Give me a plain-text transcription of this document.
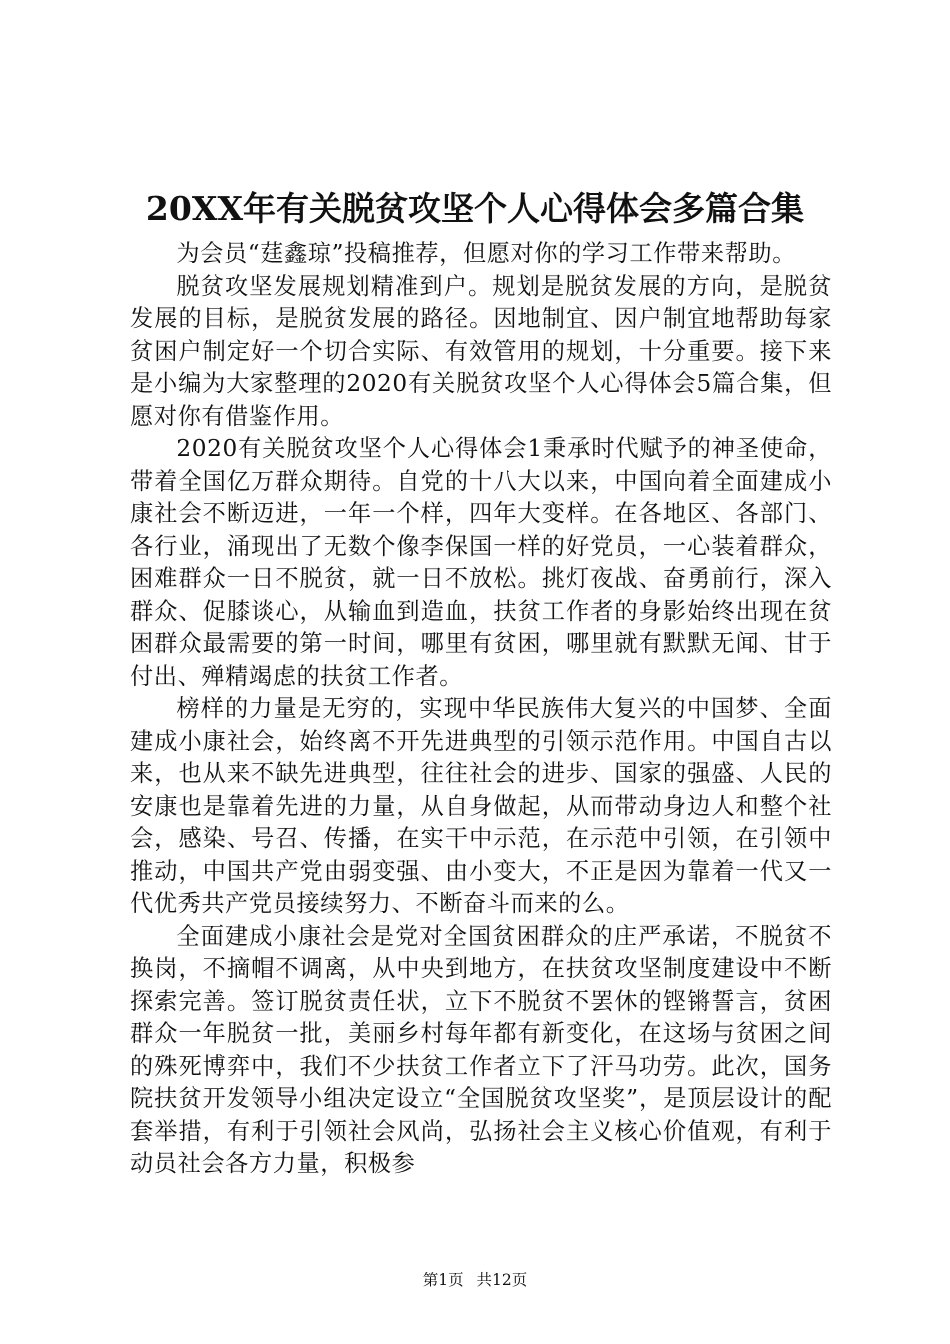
20XX年有关脱贫攻坚个人心得体会多篇合集

为会员“莛鑫琼”投稿推荐，但愿对你的学习工作带来帮助。

脱贫攻坚发展规划精准到户。规划是脱贫发展的方向，是脱贫发展的目标，是脱贫发展的路径。因地制宜、因户制宜地帮助每家贫困户制定好一个切合实际、有效管用的规划，十分重要。接下来是小编为大家整理的2020有关脱贫攻坚个人心得体会5篇合集，但愿对你有借鉴作用。

2020有关脱贫攻坚个人心得体会1秉承时代赋予的神圣使命，带着全国亿万群众期待。自党的十八大以来，中国向着全面建成小康社会不断迈进，一年一个样，四年大变样。在各地区、各部门、各行业，涌现出了无数个像李保国一样的好党员，一心装着群众，困难群众一日不脱贫，就一日不放松。挑灯夜战、奋勇前行，深入群众、促膝谈心，从输血到造血，扶贫工作者的身影始终出现在贫困群众最需要的第一时间，哪里有贫困，哪里就有默默无闻、甘于付出、殚精竭虑的扶贫工作者。

榜样的力量是无穷的，实现中华民族伟大复兴的中国梦、全面建成小康社会，始终离不开先进典型的引领示范作用。中国自古以来，也从来不缺先进典型，往往社会的进步、国家的强盛、人民的安康也是靠着先进的力量，从自身做起，从而带动身边人和整个社会，感染、号召、传播，在实干中示范，在示范中引领，在引领中推动，中国共产党由弱变强、由小变大，不正是因为靠着一代又一代优秀共产党员接续努力、不断奋斗而来的么。

全面建成小康社会是党对全国贫困群众的庄严承诺，不脱贫不换岗，不摘帽不调离，从中央到地方，在扶贫攻坚制度建设中不断探索完善。签订脱贫责任状，立下不脱贫不罢休的铿锵誓言，贫困群众一年脱贫一批，美丽乡村每年都有新变化，在这场与贫困之间的殊死博弈中，我们不少扶贫工作者立下了汗马功劳。此次，国务院扶贫开发领导小组决定设立“全国脱贫攻坚奖”，是顶层设计的配套举措，有利于引领社会风尚，弘扬社会主义核心价值观，有利于动员社会各方力量，积极参

第1页 共12页
